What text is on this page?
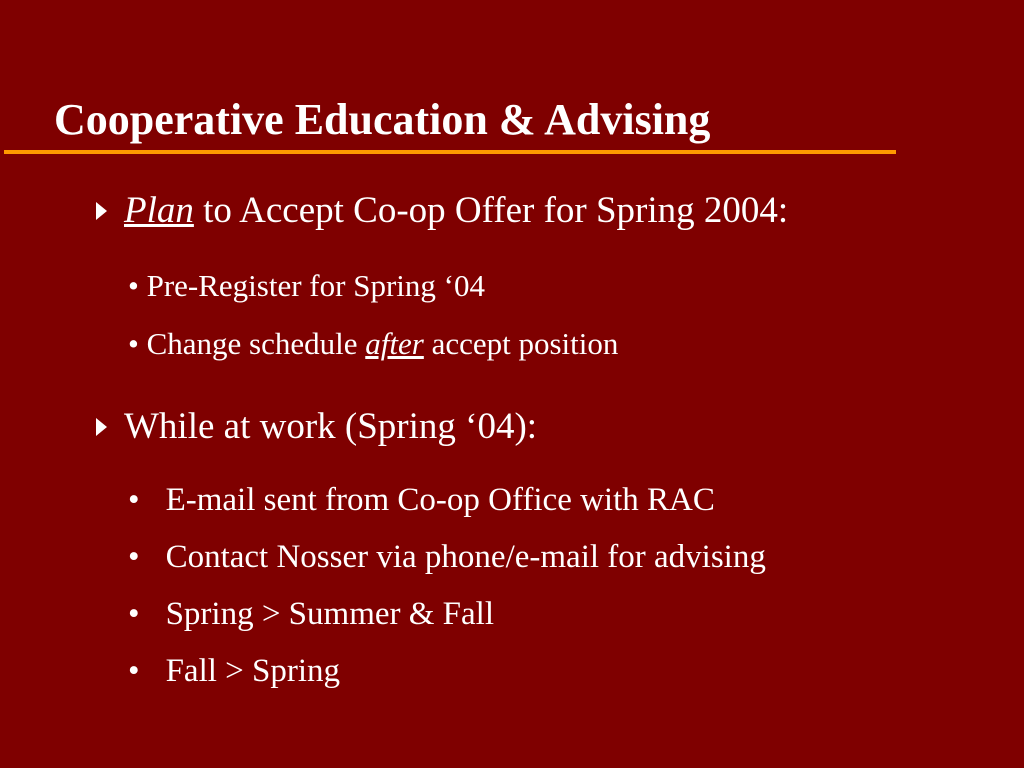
Cooperative Education & Advising
Plan to Accept Co-op Offer for Spring 2004:
• Pre-Register for Spring ‘04
• Change schedule after accept position
While at work (Spring ‘04):
• E-mail sent from Co-op Office with RAC
• Contact Nosser via phone/e-mail for advising
• Spring > Summer & Fall
• Fall > Spring
